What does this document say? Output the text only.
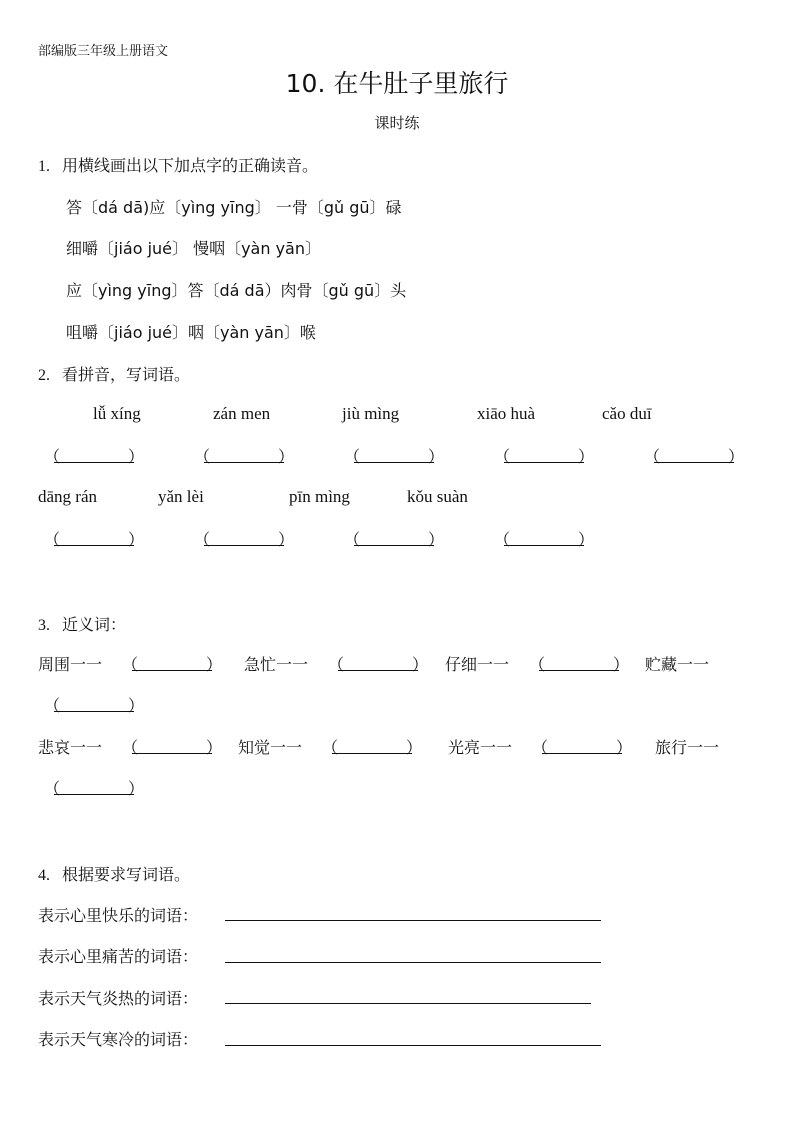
部编版三年级上册语文
10. 在牛肚子里旅行
课时练
1. 用横线画出以下加点字的正确读音。
答〔dá dā)应〔yìng yīng〕 一骨〔gǔ gū〕碌
细嚼〔jiáo jué〕 慢咽〔yàn yān〕
应〔yìng yīng〕答〔dá dā）肉骨〔gǔ gū〕头
咀嚼〔jiáo jué〕咽〔yàn yān〕喉
2. 看拼音，写词语。
lǚ xíng	zán men	jiù mìng	xiāo huà	cǎo duī
（	）	（	）	（	）	（	）	（	）
dāng rán	yǎn lèi	pīn mìng	kǒu suàn
（	）	（	）	（	）	（	）
3. 近义词：
周围一一 （	） 急忙一一 （	） 仔细一一 （	） 贮藏一一
（	）
悲哀一一 （	） 知觉一一 （	） 光亮一一 （	） 旅行一一
（	）
4. 根据要求写词语。
表示心里快乐的词语：
表示心里痛苦的词语：
表示天气炎热的词语：
表示天气寒冷的词语：
